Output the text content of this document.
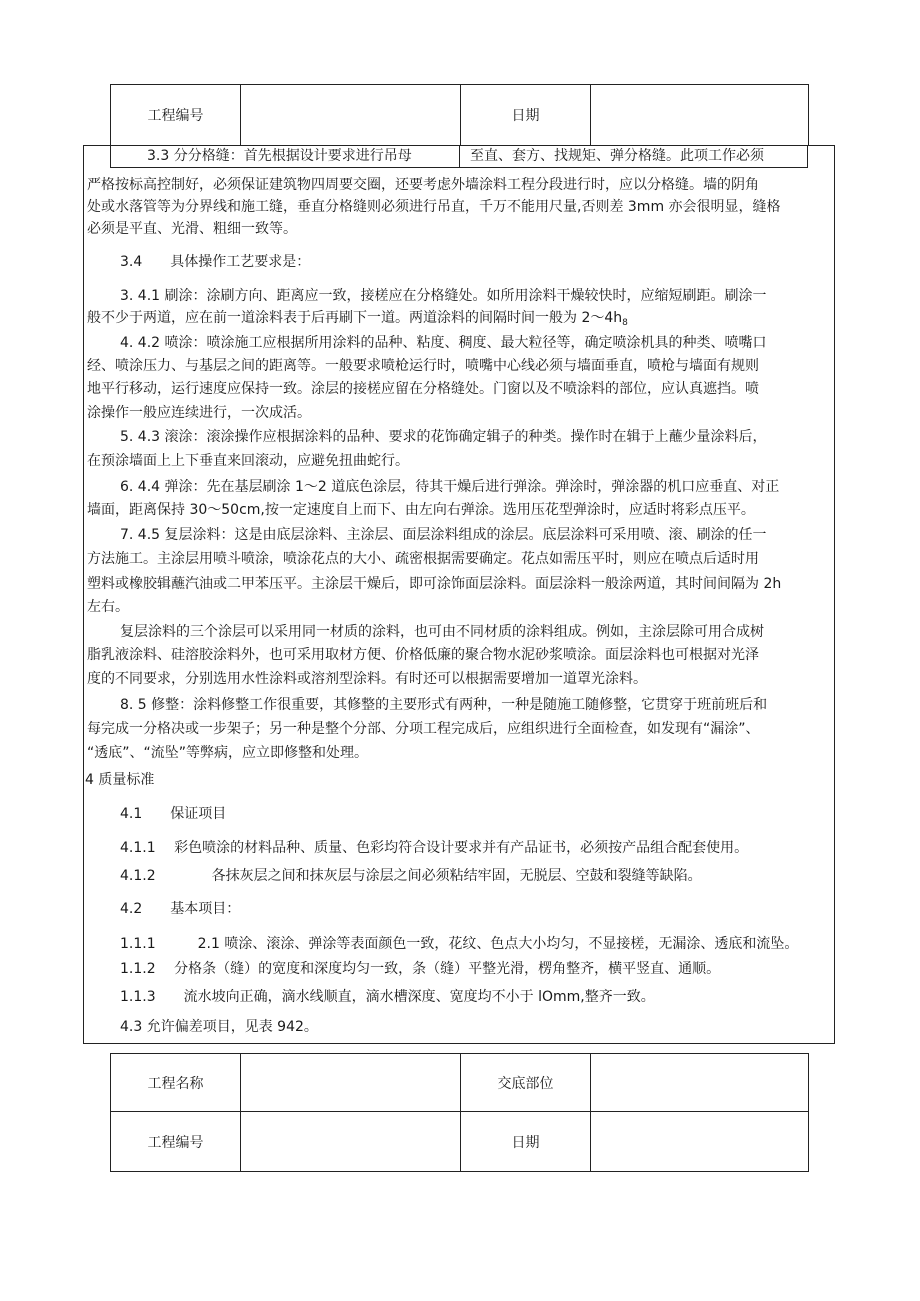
工程编号		日期	
3.3 分分格缝：首先根据设计要求进行吊母	至直、套方、找规矩、弹分格缝。此项工作必须
严格按标高控制好，必须保证建筑物四周要交圈，还要考虑外墙涂料工程分段进行时，应以分格缝。墙的阴角
处或水落管等为分界线和施工缝，垂直分格缝则必须进行吊直，千万不能用尺量,否则差 3mm 亦会很明显，缝格
必须是平直、光滑、粗细一致等。
3.4　　具体操作工艺要求是：
3. 4.1 刷涂：涂刷方向、距离应一致，接槎应在分格缝处。如所用涂料干燥较快时，应缩短刷距。刷涂一
般不少于两道，应在前一道涂料表于后再刷下一道。两道涂料的间隔时间一般为 $2\sim 4h_8$
4. 4.2 喷涂：喷涂施工应根据所用涂料的品种、粘度、稠度、最大粒径等，确定喷涂机具的种类、喷嘴口
经、喷涂压力、与基层之间的距离等。一般要求喷枪运行时，喷嘴中心线必须与墙面垂直，喷枪与墙面有规则
地平行移动，运行速度应保持一致。涂层的接槎应留在分格缝处。门窗以及不喷涂料的部位，应认真遮挡。喷
涂操作一般应连续进行，一次成活。
5. 4.3 滚涂：滚涂操作应根据涂料的品种、要求的花饰确定辑子的种类。操作时在辑于上蘸少量涂料后，
在预涂墙面上上下垂直来回滚动，应避免扭曲蛇行。
6. 4.4 弹涂：先在基层刷涂 1～2 道底色涂层，待其干燥后进行弹涂。弹涂时，弹涂器的机口应垂直、对正
墙面，距离保持 30～50cm,按一定速度自上而下、由左向右弹涂。选用压花型弹涂时，应适时将彩点压平。
7. 4.5 复层涂料：这是由底层涂料、主涂层、面层涂料组成的涂层。底层涂料可采用喷、滚、刷涂的任一
方法施工。主涂层用喷斗喷涂，喷涂花点的大小、疏密根据需要确定。花点如需压平时，则应在喷点后适时用
塑料或橡胶辑蘸汽油或二甲苯压平。主涂层干燥后，即可涂饰面层涂料。面层涂料一般涂两道，其时间间隔为 2h
左右。
复层涂料的三个涂层可以采用同一材质的涂料，也可由不同材质的涂料组成。例如，主涂层除可用合成树
脂乳液涂料、硅溶胶涂料外，也可采用取材方便、价格低廉的聚合物水泥砂浆喷涂。面层涂料也可根据对光泽
度的不同要求，分别选用水性涂料或溶剂型涂料。有时还可以根据需要增加一道罩光涂料。
8. 5 修整：涂料修整工作很重要，其修整的主要形式有两种，一种是随施工随修整，它贯穿于班前班后和
每完成一分格决或一步架子；另一种是整个分部、分项工程完成后，应组织进行全面检查，如发现有“漏涂”、
“透底”、“流坠”等弊病，应立即修整和处理。
4 质量标准
4.1　　保证项目
4.1.1　 彩色喷涂的材料品种、质量、色彩均符合设计要求并有产品证书，必须按产品组合配套使用。
4.1.2　　　　各抹灰层之间和抹灰层与涂层之间必须粘结牢固，无脱层、空鼓和裂缝等缺陷。
4.2　　基本项目：
1.1.1　　　2.1 喷涂、滚涂、弹涂等表面颜色一致，花纹、色点大小均匀，不显接槎，无漏涂、透底和流坠。
1.1.2　 分格条（缝）的宽度和深度均匀一致，条（缝）平整光滑，楞角整齐，横平竖直、通顺。
1.1.3　　流水坡向正确，滴水线顺直，滴水槽深度、宽度均不小于 lOmm,整齐一致。
4.3 允许偏差项目，见表 942。
工程名称		交底部位	
工程编号		日期	
